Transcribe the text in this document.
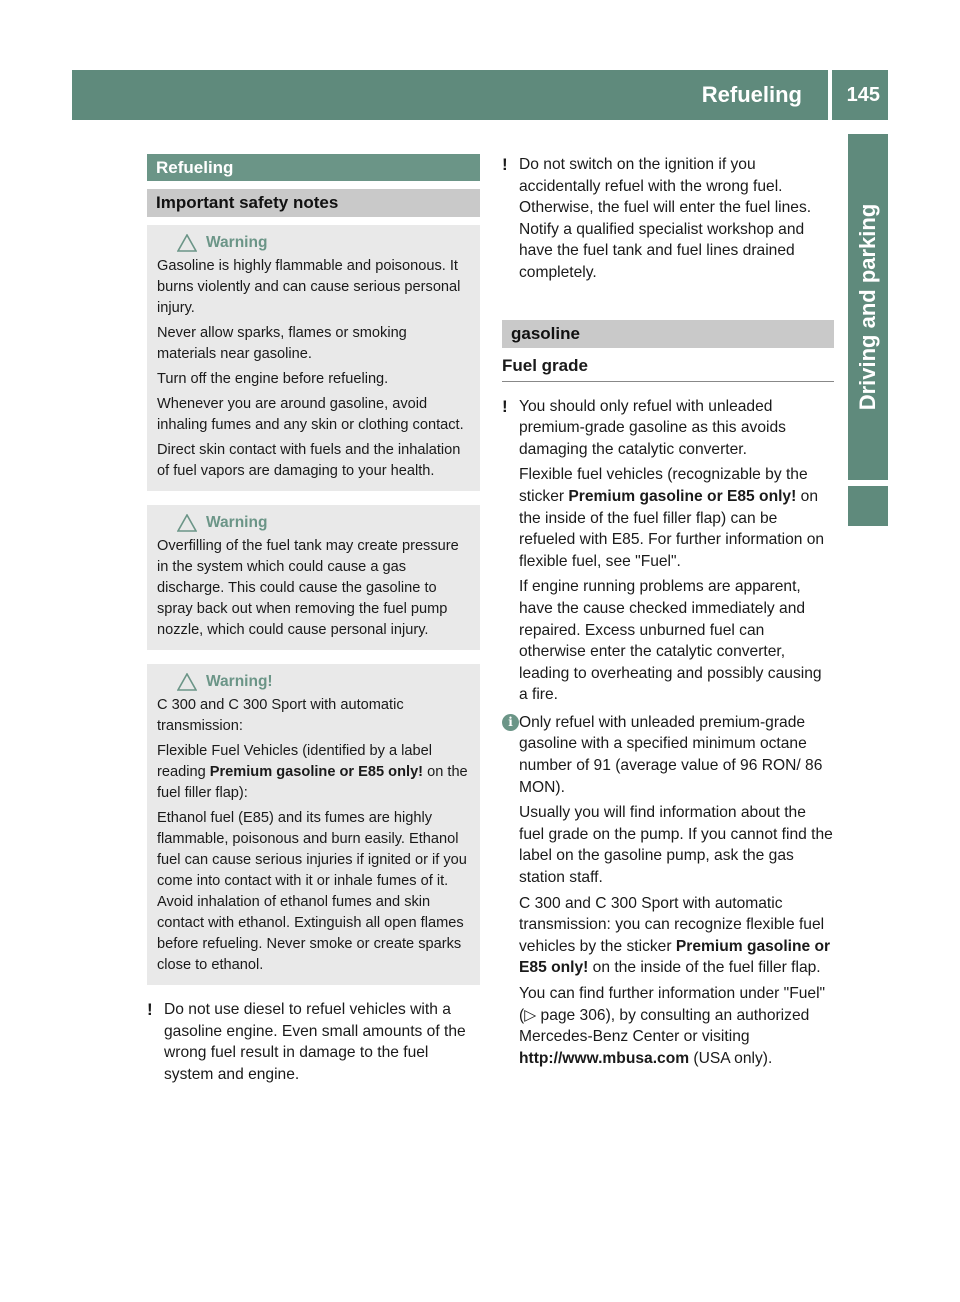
Refueling	145
Driving and parking
Refueling
Important safety notes
Warning

Gasoline is highly flammable and poisonous. It burns violently and can cause serious personal injury.

Never allow sparks, flames or smoking materials near gasoline.

Turn off the engine before refueling.

Whenever you are around gasoline, avoid inhaling fumes and any skin or clothing contact.

Direct skin contact with fuels and the inhalation of fuel vapors are damaging to your health.

Warning

Overfilling of the fuel tank may create pressure in the system which could cause a gas discharge. This could cause the gasoline to spray back out when removing the fuel pump nozzle, which could cause personal injury.

Warning!

C 300 and C 300 Sport with automatic transmission:

Flexible Fuel Vehicles (identified by a label reading Premium gasoline or E85 only! on the fuel filler flap):

Ethanol fuel (E85) and its fumes are highly flammable, poisonous and burn easily. Ethanol fuel can cause serious injuries if ignited or if you come into contact with it or inhale fumes of it. Avoid inhalation of ethanol fumes and skin contact with ethanol. Extinguish all open flames before refueling. Never smoke or create sparks close to ethanol.

! Do not use diesel to refuel vehicles with a gasoline engine. Even small amounts of the wrong fuel result in damage to the fuel system and engine.

! Do not switch on the ignition if you accidentally refuel with the wrong fuel. Otherwise, the fuel will enter the fuel lines. Notify a qualified specialist workshop and have the fuel tank and fuel lines drained completely.

gasoline
Fuel grade
! You should only refuel with unleaded premium-grade gasoline as this avoids damaging the catalytic converter.

Flexible fuel vehicles (recognizable by the sticker Premium gasoline or E85 only! on the inside of the fuel filler flap) can be refueled with E85. For further information on flexible fuel, see "Fuel".

If engine running problems are apparent, have the cause checked immediately and repaired. Excess unburned fuel can otherwise enter the catalytic converter, leading to overheating and possibly causing a fire.

i Only refuel with unleaded premium-grade gasoline with a specified minimum octane number of 91 (average value of 96 RON/ 86 MON).

Usually you will find information about the fuel grade on the pump. If you cannot find the label on the gasoline pump, ask the gas station staff.

C 300 and C 300 Sport with automatic transmission: you can recognize flexible fuel vehicles by the sticker Premium gasoline or E85 only! on the inside of the fuel filler flap.

You can find further information under "Fuel" (▷ page 306), by consulting an authorized Mercedes-Benz Center or visiting http://www.mbusa.com (USA only).
